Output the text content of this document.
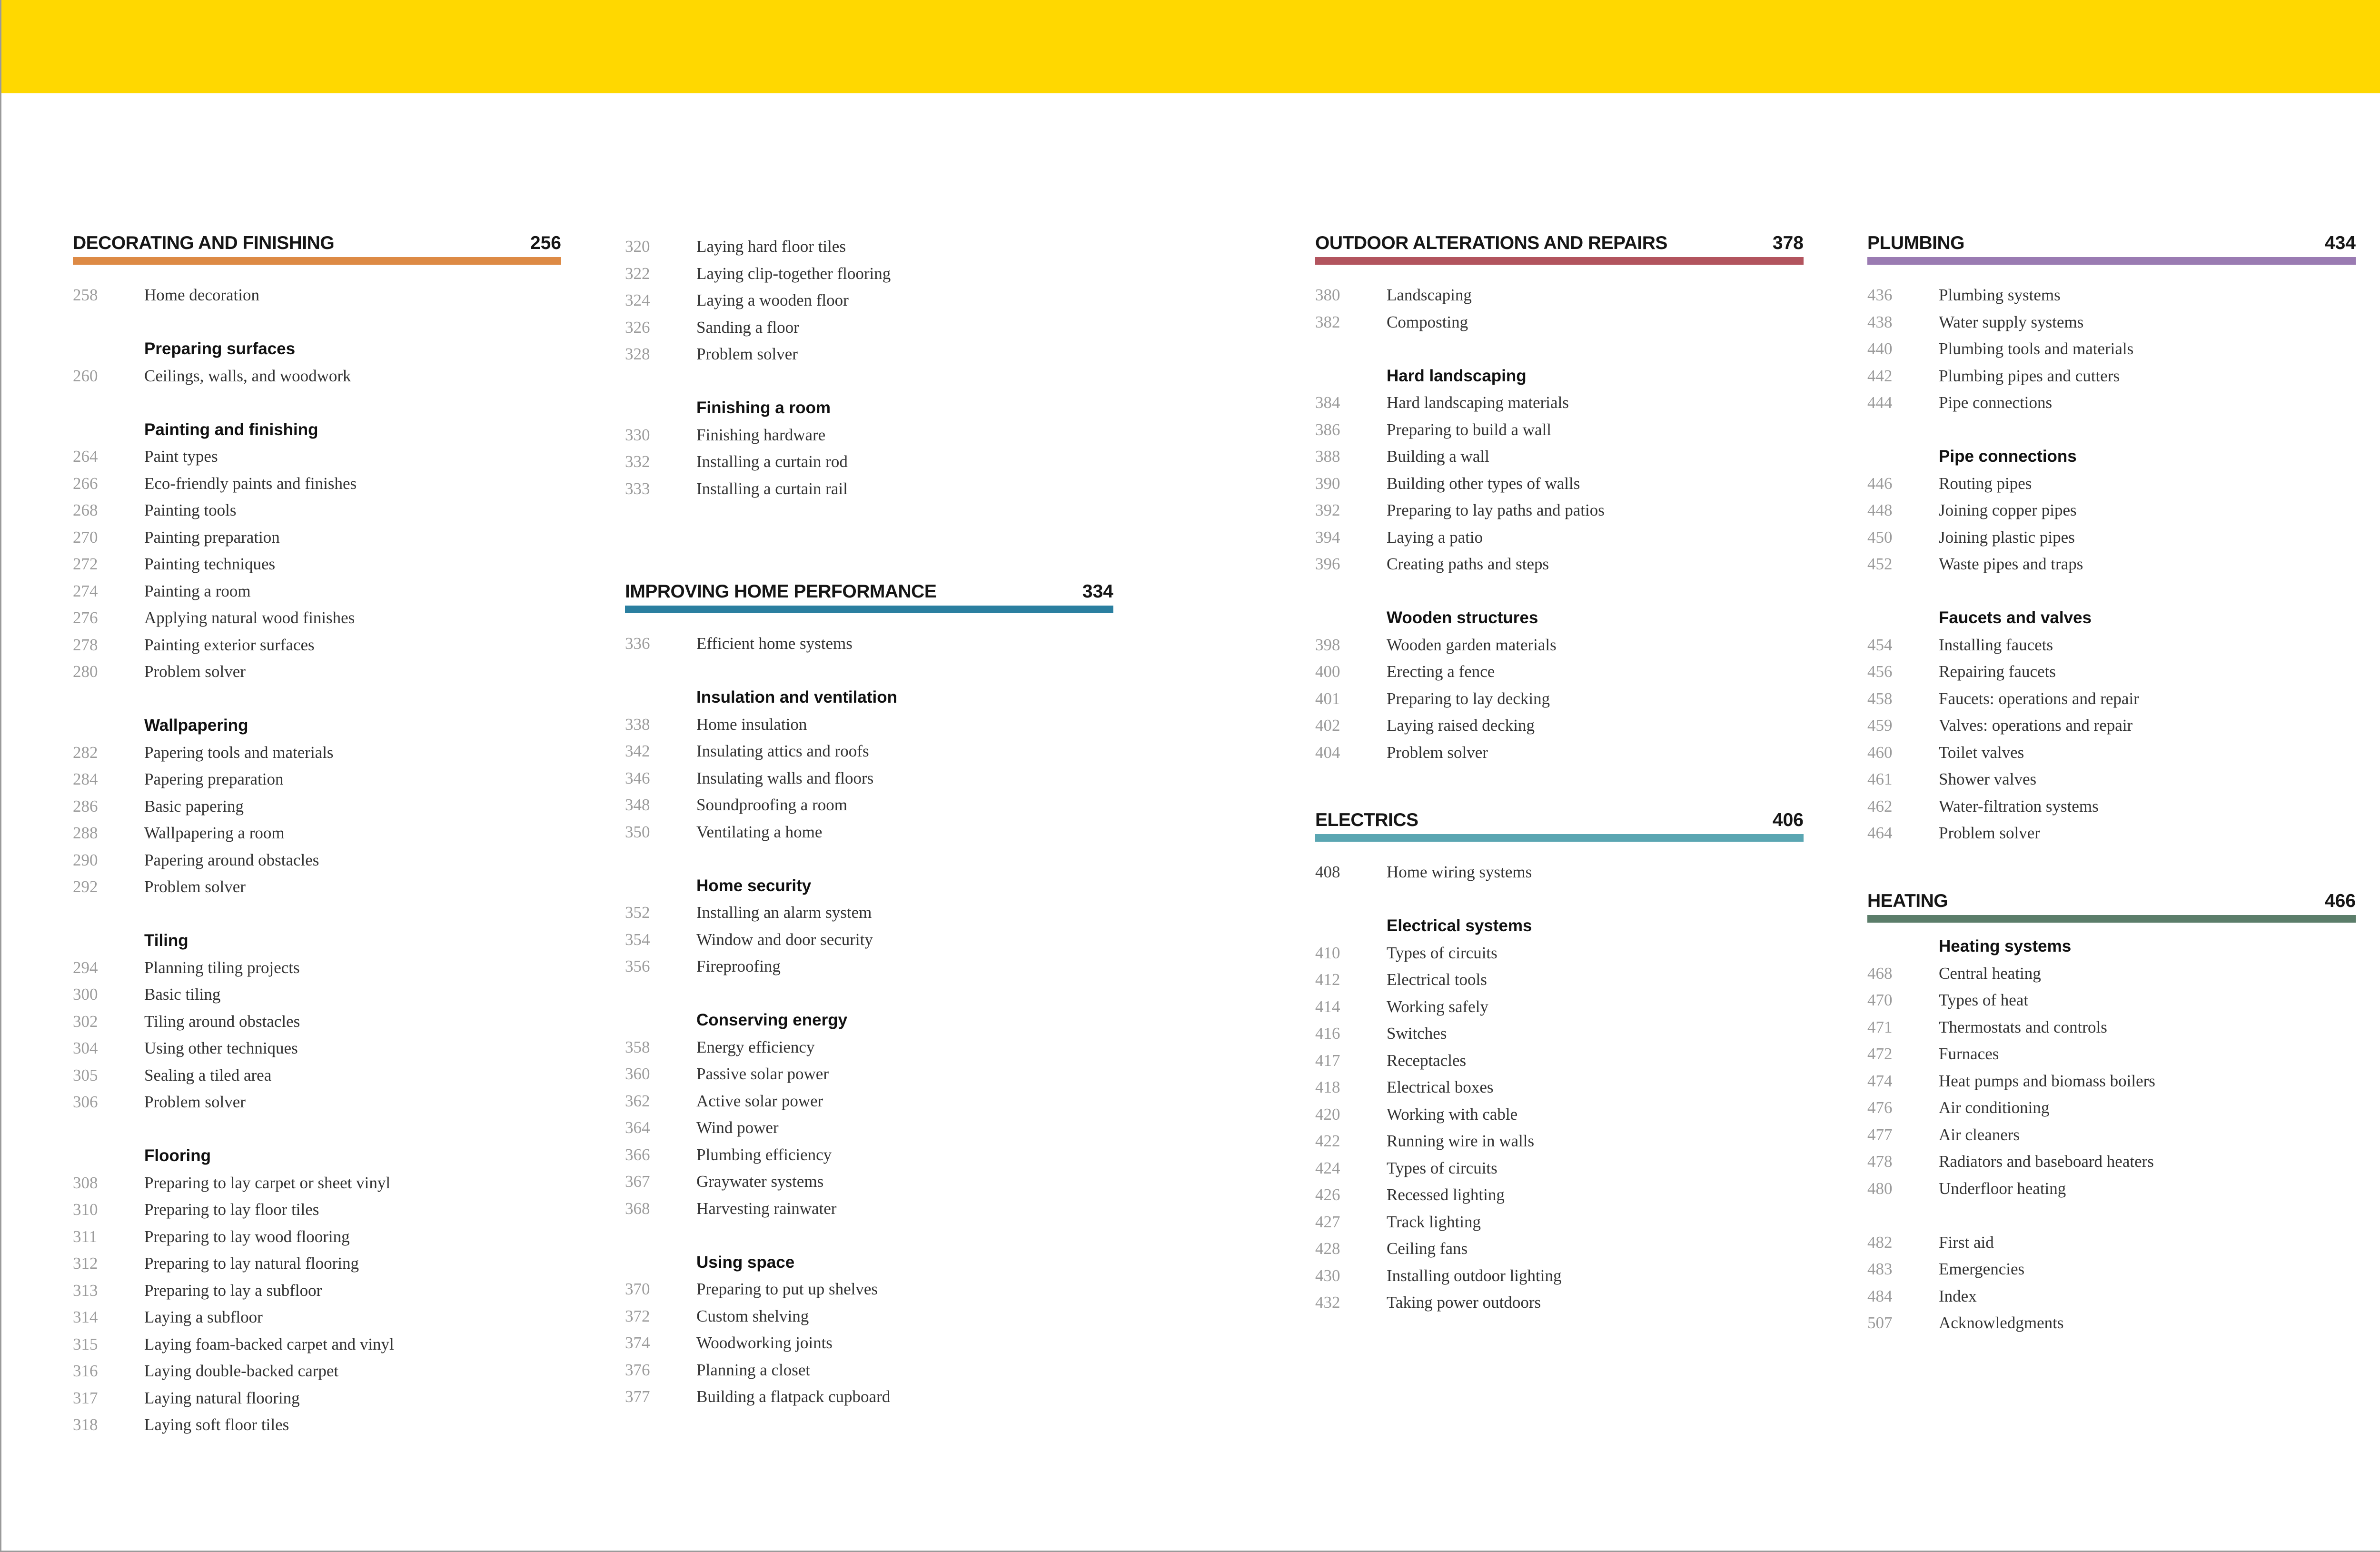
DECORATING AND FINISHING	256
258	Home decoration
Preparing surfaces
260	Ceilings, walls, and woodwork
Painting and finishing
264	Paint types
266	Eco-friendly paints and finishes
268	Painting tools
270	Painting preparation
272	Painting techniques
274	Painting a room
276	Applying natural wood finishes
278	Painting exterior surfaces
280	Problem solver
Wallpapering
282	Papering tools and materials
284	Papering preparation
286	Basic papering
288	Wallpapering a room
290	Papering around obstacles
292	Problem solver
Tiling
294	Planning tiling projects
300	Basic tiling
302	Tiling around obstacles
304	Using other techniques
305	Sealing a tiled area
306	Problem solver
Flooring
308	Preparing to lay carpet or sheet vinyl
310	Preparing to lay floor tiles
311	Preparing to lay wood flooring
312	Preparing to lay natural flooring
313	Preparing to lay a subfloor
314	Laying a subfloor
315	Laying foam-backed carpet and vinyl
316	Laying double-backed carpet
317	Laying natural flooring
318	Laying soft floor tiles
320	Laying hard floor tiles
322	Laying clip-together flooring
324	Laying a wooden floor
326	Sanding a floor
328	Problem solver
Finishing a room
330	Finishing hardware
332	Installing a curtain rod
333	Installing a curtain rail
IMPROVING HOME PERFORMANCE	334
336	Efficient home systems
Insulation and ventilation
338	Home insulation
342	Insulating attics and roofs
346	Insulating walls and floors
348	Soundproofing a room
350	Ventilating a home
Home security
352	Installing an alarm system
354	Window and door security
356	Fireproofing
Conserving energy
358	Energy efficiency
360	Passive solar power
362	Active solar power
364	Wind power
366	Plumbing efficiency
367	Graywater systems
368	Harvesting rainwater
Using space
370	Preparing to put up shelves
372	Custom shelving
374	Woodworking joints
376	Planning a closet
377	Building a flatpack cupboard
OUTDOOR ALTERATIONS AND REPAIRS	378
380	Landscaping
382	Composting
Hard landscaping
384	Hard landscaping materials
386	Preparing to build a wall
388	Building a wall
390	Building other types of walls
392	Preparing to lay paths and patios
394	Laying a patio
396	Creating paths and steps
Wooden structures
398	Wooden garden materials
400	Erecting a fence
401	Preparing to lay decking
402	Laying raised decking
404	Problem solver
ELECTRICS	406
408	Home wiring systems
Electrical systems
410	Types of circuits
412	Electrical tools
414	Working safely
416	Switches
417	Receptacles
418	Electrical boxes
420	Working with cable
422	Running wire in walls
424	Types of circuits
426	Recessed lighting
427	Track lighting
428	Ceiling fans
430	Installing outdoor lighting
432	Taking power outdoors
PLUMBING	434
436	Plumbing systems
438	Water supply systems
440	Plumbing tools and materials
442	Plumbing pipes and cutters
444	Pipe connections
Pipe connections
446	Routing pipes
448	Joining copper pipes
450	Joining plastic pipes
452	Waste pipes and traps
Faucets and valves
454	Installing faucets
456	Repairing faucets
458	Faucets: operations and repair
459	Valves: operations and repair
460	Toilet valves
461	Shower valves
462	Water-filtration systems
464	Problem solver
HEATING	466
Heating systems
468	Central heating
470	Types of heat
471	Thermostats and controls
472	Furnaces
474	Heat pumps and biomass boilers
476	Air conditioning
477	Air cleaners
478	Radiators and baseboard heaters
480	Underfloor heating
482	First aid
483	Emergencies
484	Index
507	Acknowledgments
